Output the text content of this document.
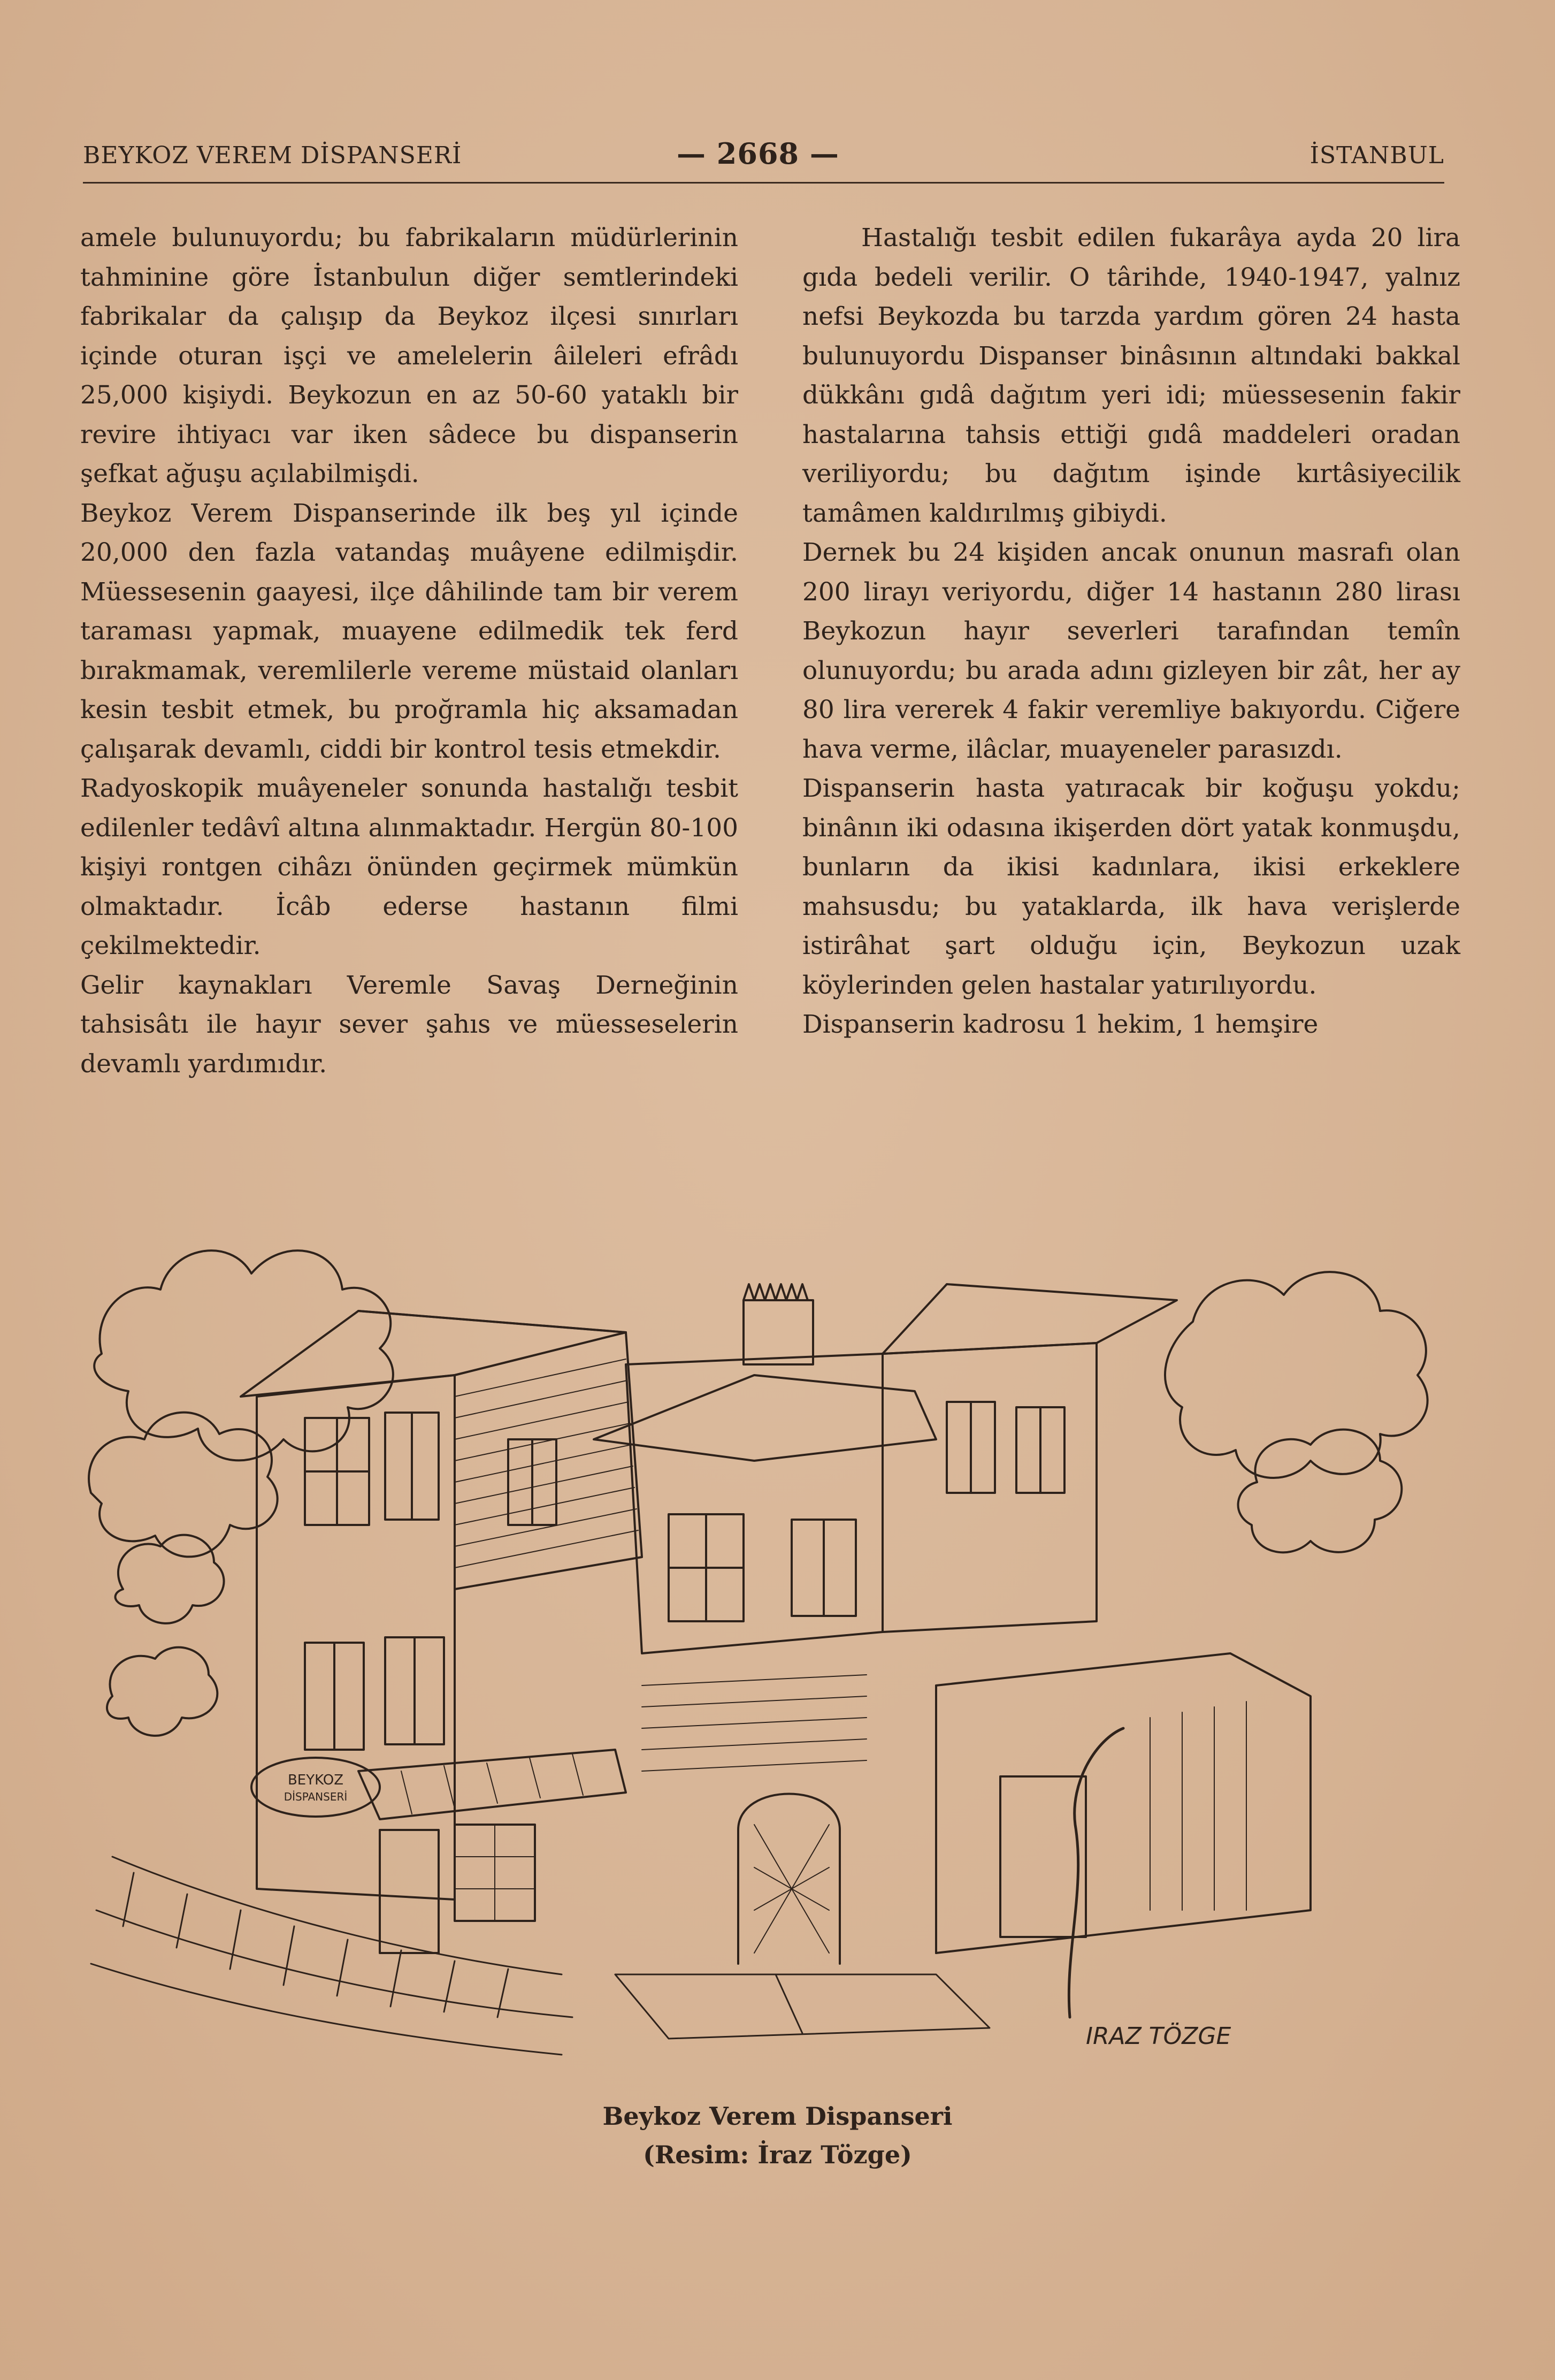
BEYKOZ VEREM DİSPANSERİ	— 2668 —	İSTANBUL

amele bulunuyordu; bu fabrikaların müdürlerinin tahminine göre İstanbulun diğer semtlerindeki fabrikalar da çalışıp da Beykoz ilçesi sınırları içinde oturan işçi ve amelelerin âileleri efrâdı 25,000 kişiydi. Beykozun en az 50-60 yataklı bir revire ihtiyacı var iken sâdece bu dispanserin şefkat ağuşu açılabilmişdi.

Beykoz Verem Dispanserinde ilk beş yıl içinde 20,000 den fazla vatandaş muâyene edilmişdir. Müessesenin gaayesi, ilçe dâhilinde tam bir verem taraması yapmak, muayene edilmedik tek ferd bırakmamak, veremlilerle vereme müstaid olanları kesin tesbit etmek, bu proğramla hiç aksamadan çalışarak devamlı, ciddi bir kontrol tesis etmekdir.

Radyoskopik muâyeneler sonunda hastalığı tesbit edilenler tedâvî altına alınmaktadır. Hergün 80-100 kişiyi rontgen cihâzı önünden geçirmek mümkün olmaktadır. İcâb ederse hastanın filmi çekilmektedir.

Gelir kaynakları Veremle Savaş Derneğinin tahsisâtı ile hayır sever şahıs ve müesseselerin devamlı yardımıdır.

Hastalığı tesbit edilen fukarâya ayda 20 lira gıda bedeli verilir. O târihde, 1940-1947, yalnız nefsi Beykozda bu tarzda yardım gören 24 hasta bulunuyordu Dispanser binâsının altındaki bakkal dükkânı gıdâ dağıtım yeri idi; müessesenin fakir hastalarına tahsis ettiği gıdâ maddeleri oradan veriliyordu; bu dağıtım işinde kırtâsiyecilik tamâmen kaldırılmış gibiydi.

Dernek bu 24 kişiden ancak onunun masrafı olan 200 lirayı veriyordu, diğer 14 hastanın 280 lirası Beykozun hayır severleri tarafından temîn olunuyordu; bu arada adını gizleyen bir zât, her ay 80 lira vererek 4 fakir veremliye bakıyordu. Ciğere hava verme, ilâclar, muayeneler parasızdı.

Dispanserin hasta yatıracak bir koğuşu yokdu; binânın iki odasına ikişerden dört yatak konmuşdu, bunların da ikisi kadınlara, ikisi erkeklere mahsusdu; bu yataklarda, ilk hava verişlerde istirâhat şart olduğu için, Beykozun uzak köylerinden gelen hastalar yatırılıyordu.

Dispanserin kadrosu 1 hekim, 1 hemşire

BEYKOZ
DİSPANSERİ
IRAZ TÖZGE
Beykoz Verem Dispanseri
(Resim: İraz Tözge)
